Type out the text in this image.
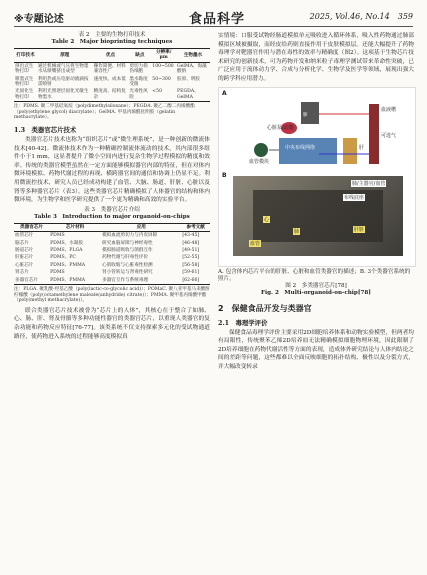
※专题论述	食品科学	2025, Vol.46, No.14　359
表 2　主要的生物打印技术
Table 2　Major bioprinting techniques
打印技术	原理	优点	缺点	分辨率/μm	生物墨水
挤出式生物打印	通过机械或气压将生物墨水从喷嘴挤出成型	操作简便、材料兼容性广	剪切力损伤细胞	100~500	GelMA、海藻酸钠
喷墨式生物打印	利用热或压电驱动液滴按需喷射	速度快、成本低	墨水黏度受限	50~300	胶原、明胶
光固化生物打印	利用光照逐层固化光敏生物墨水	精度高、结构复杂	光毒性风险	<50	PEGDA、GelMA
注：PDMS. 聚二甲基硅氧烷（polydimethylsiloxane）；PEGDA. 聚乙二醇二丙烯酸酯（poly(ethylene glycol) diacrylate）；GelMA. 甲基丙烯酰化明胶（gelatin methacrylate）。
1.3　类器官芯片技术

类器官芯片技术也称为“组织芯片”或“微生理系统”，是一种创新的微流体技术[40-42]。微流体技术作为一种精确控制流体流动的技术，其内部很多组件小于1 mm，这显著提升了微小空间内进行复杂生物学过程模拟的精度和效率。传统的类器官模型虽然在一定方面能够模拟器官内部的特征，但在对体内微环境模拟、药物代谢过程的再现、横跨器官间的通信和协调上仍显不足。利用微流控技术，研究人员已经成功构建了血管、大脑、肠道、肝脏、心脏以及肾等多种器官芯片（表3）。这些类器官芯片精确模拟了人体器官的结构和体内微环境，为生物学和医学研究提供了一个更为精确和高效的实验平台。

表 3　类器官芯片介绍
Table 3　Introduction to major organoid-on-chips
类器官芯片	芯片材料	应用	参考文献
血管芯片	PDMS	模拟血流剪切力与内皮屏障	[43-45]
脑芯片	PDMS、水凝胶	研究血脑屏障与神经毒性	[46-48]
肠道芯片	PDMS、PLGA	模拟肠道吸收与菌群互作	[49-51]
肝脏芯片	PDMS、PC	药物代谢与肝毒性评价	[52-55]
心脏芯片	PDMS、PMMA	心肌收缩与心脏毒性检测	[56-58]
肾芯片	PDMS	肾小管转运与肾毒性研究	[59-61]
多器官芯片	PDMS、PMMA	多器官互作与系统毒理	[62-66]
注：PLGA. 聚乳酸-羟基乙酸（poly(lactic-co-glycolic acid)）；POMaC. 聚八亚甲基马来酸酐柠檬酸（poly(octamethylene maleate(anhydride) citrate)）；PMMA. 聚甲基丙烯酸甲酯（poly(methyl methacrylate)）。

联合类器官芯片技术被誉为“芯片上的人体”，其核心在于整合了如肺、心、肠、肝、肾及骨骼等多种功能性器官的类器官芯片，以重现人类器官的复杂功能和药物反应特征[76-77]。该类系统不仅支持探索多元化的受试物通道路径，使药物进入系统的过程能够高度模拟真

实情境：口服受试物经肠道模拟单元吸收进入循环体系，吸入性药物通过肺部模拟区域被摄取，而经皮给药则直接作用于皮肤模拟层。还能大幅提升了药物毒理学对靶器官作用与潜在毒性的效率与精确度（图2）。这项基于生物芯片技术研究的创新技术，可为药物开发和纳米粒子毒理学测试带来革命性突破，已广泛应用于流体动力学、合成与分析化学、生物学及医学等领域，展现出强大的跨学科应用潜力。

A
肺
血液槽
心脏泵/动器
中央布线网络	肝
可选气
血管模块
B
肺/主器官/血管
布线底座
心
肺	肝脏
血管
A. 包含体内芯片平台的肝脏、心脏和血管类器官的描述；B. 3个类器官系统的照片。
图 2　多类器官芯片[78]
Fig. 2　Multi-organoid-on-chip[78]
2　保健食品开发与类器官
2.1　毒理学评价

保健食品毒理学评价主要采用2D细胞培养体系和动物实验模型，但两者均有局限性，传统聚苯乙烯2D培养皿无法精确模拟细胞物理环境，因此限制了2D培养细胞在药物代谢活性等方面的表现，造成体外研究结论与人体内结论之间的差距等问题，这些都难以全面反映细胞的拓扑结构、极性以及分裂方式，并大幅改变转录
